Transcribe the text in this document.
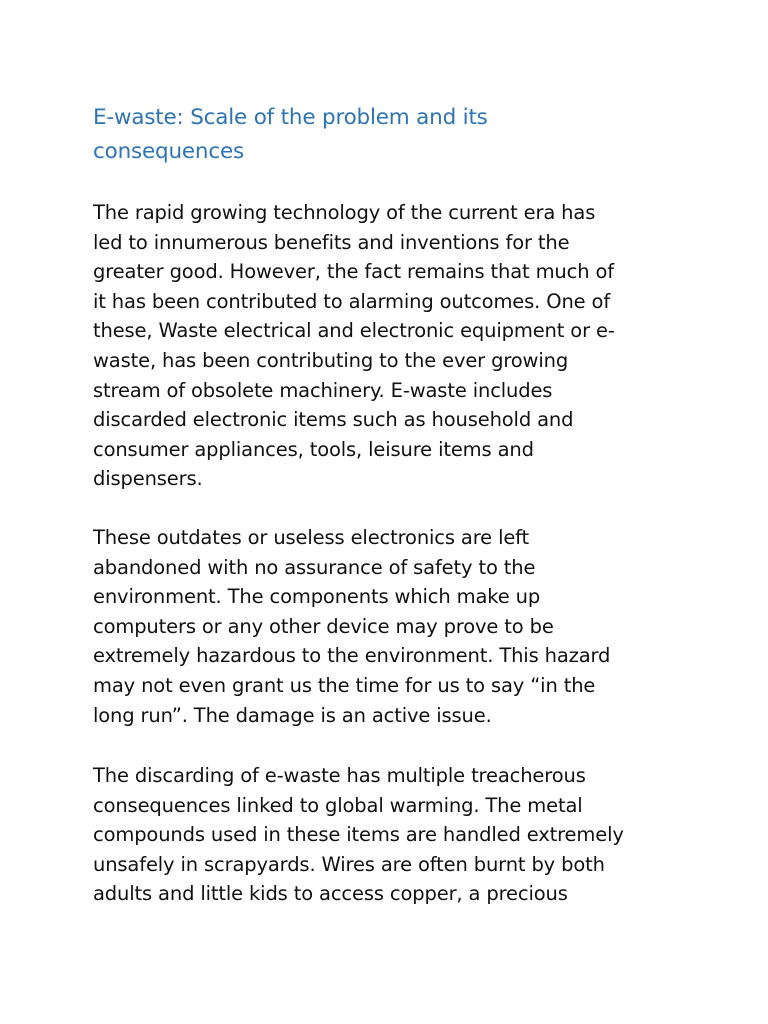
E-waste: Scale of the problem and its
consequences

The rapid growing technology of the current era has
led to innumerous benefits and inventions for the
greater good. However, the fact remains that much of
it has been contributed to alarming outcomes. One of
these, Waste electrical and electronic equipment or e-
waste, has been contributing to the ever growing
stream of obsolete machinery. E-waste includes
discarded electronic items such as household and
consumer appliances, tools, leisure items and
dispensers.

These outdates or useless electronics are left
abandoned with no assurance of safety to the
environment. The components which make up
computers or any other device may prove to be
extremely hazardous to the environment. This hazard
may not even grant us the time for us to say “in the
long run”. The damage is an active issue.

The discarding of e-waste has multiple treacherous
consequences linked to global warming. The metal
compounds used in these items are handled extremely
unsafely in scrapyards. Wires are often burnt by both
adults and little kids to access copper, a precious
